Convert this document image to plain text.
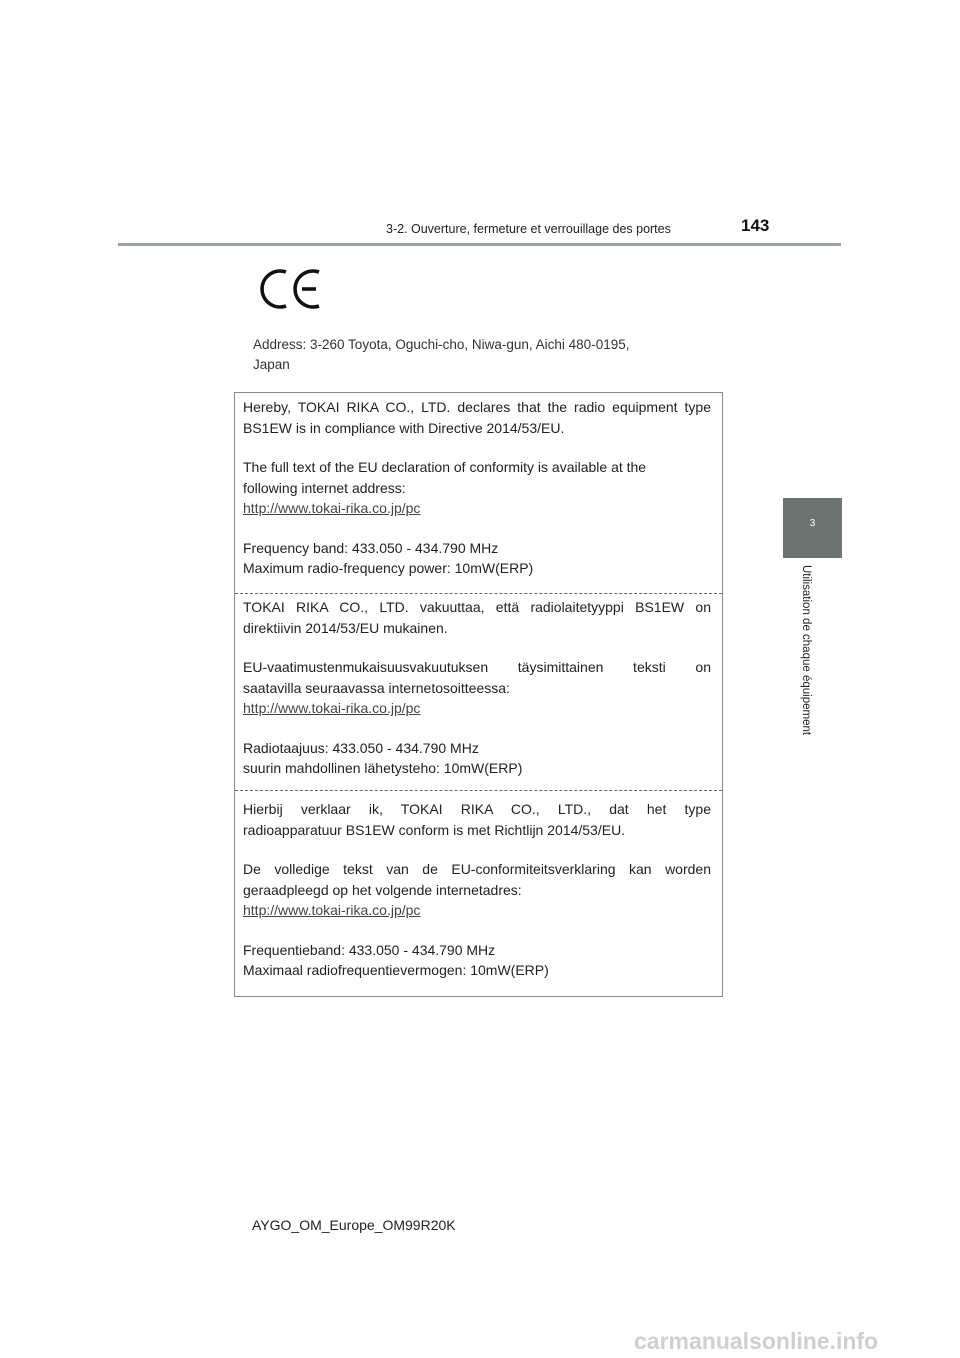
3-2. Ouverture, fermeture et verrouillage des portes	143
3
Utilisation de chaque équipement

Address: 3-260 Toyota, Oguchi-cho, Niwa-gun, Aichi 480-0195,

Japan

Hereby, TOKAI RIKA CO., LTD. declares that the radio equipment type

BS1EW is in compliance with Directive 2014/53/EU.

The full text of the EU declaration of conformity is available at the

following internet address:

http://www.tokai-rika.co.jp/pc

Frequency band: 433.050 - 434.790 MHz

Maximum radio-frequency power: 10mW(ERP)

TOKAI RIKA CO., LTD. vakuuttaa, että radiolaitetyyppi BS1EW on

direktiivin 2014/53/EU mukainen.

EU-vaatimustenmukaisuusvakuutuksen täysimittainen teksti on

saatavilla seuraavassa internetosoitteessa:

http://www.tokai-rika.co.jp/pc

Radiotaajuus: 433.050 - 434.790 MHz

suurin mahdollinen lähetysteho: 10mW(ERP)

Hierbij verklaar ik, TOKAI RIKA CO., LTD., dat het type

radioapparatuur BS1EW conform is met Richtlijn 2014/53/EU.

De volledige tekst van de EU-conformiteitsverklaring kan worden

geraadpleegd op het volgende internetadres:

http://www.tokai-rika.co.jp/pc

Frequentieband: 433.050 - 434.790 MHz

Maximaal radiofrequentievermogen: 10mW(ERP)

AYGO_OM_Europe_OM99R20K
carmanualsonline.info
